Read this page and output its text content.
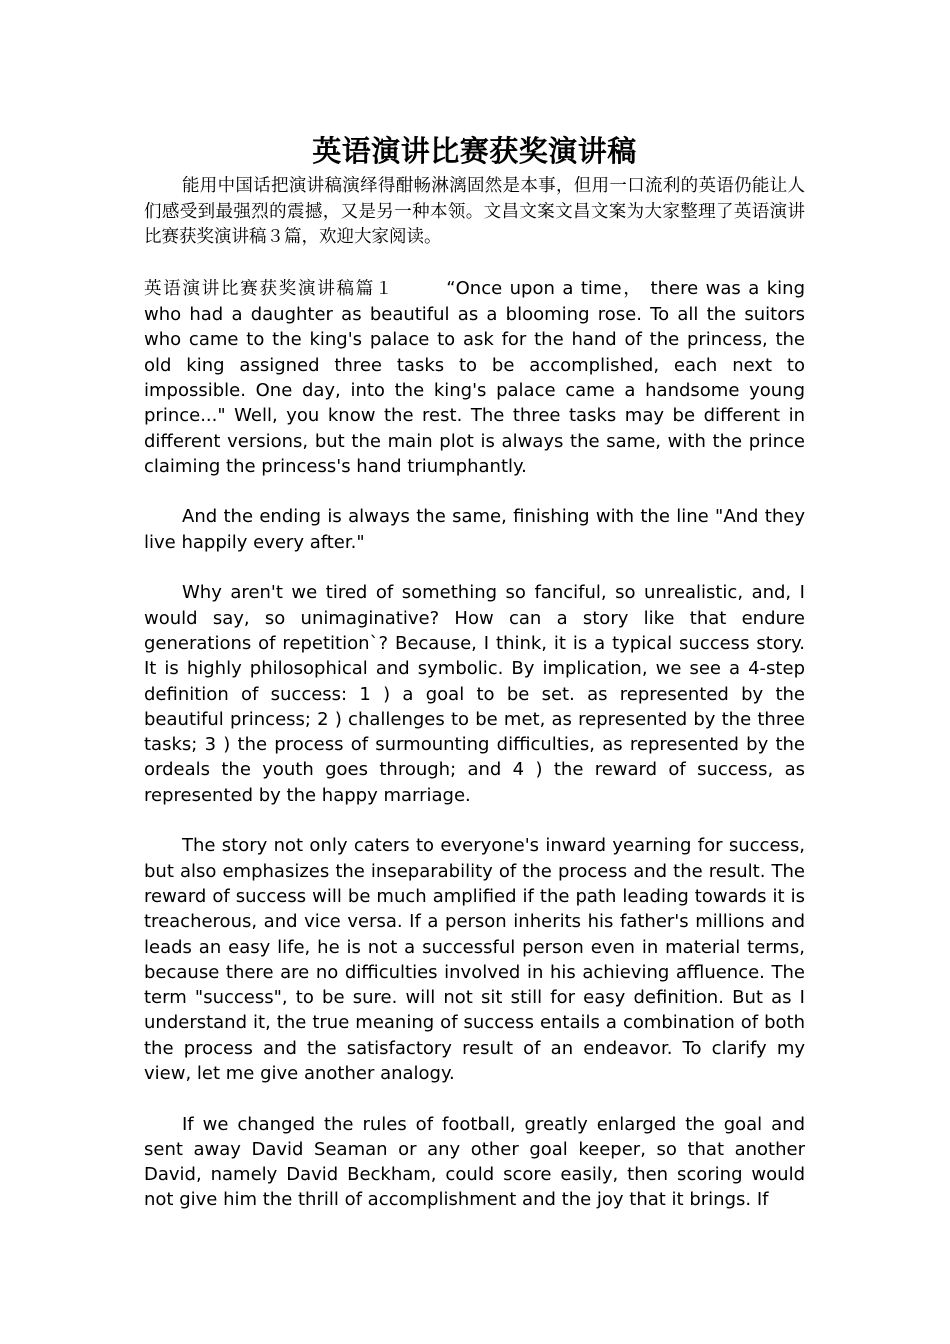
英语演讲比赛获奖演讲稿

能用中国话把演讲稿演绎得酣畅淋漓固然是本事，但用一口流利的英语仍能让人们感受到最强烈的震撼，又是另一种本领。文昌文案文昌文案为大家整理了英语演讲比赛获奖演讲稿３篇，欢迎大家阅读。

英语演讲比赛获奖演讲稿篇１	“Once upon a time， there was a king who had a daughter as beautiful as a blooming rose. To all the suitors who came to the king's palace to ask for the hand of the princess, the old king assigned three tasks to be accomplished, each next to impossible. One day, into the king's palace came a handsome young prince..." Well, you know the rest. The three tasks may be different in different versions, but the main plot is always the same, with the prince claiming the princess's hand triumphantly.

And the ending is always the same, finishing with the line "And they live happily every after."

Why aren't we tired of something so fanciful, so unrealistic, and, I would say, so unimaginative? How can a story like that endure generations of repetition`? Because, I think, it is a typical success story. It is highly philosophical and symbolic. By implication, we see a 4-step definition of success: 1 ) a goal to be set. as represented by the beautiful princess; 2 ) challenges to be met, as represented by the three tasks; 3 ) the process of surmounting difficulties, as represented by the ordeals the youth goes through; and 4 ) the reward of success, as represented by the happy marriage.

The story not only caters to everyone's inward yearning for success, but also emphasizes the inseparability of the process and the result. The reward of success will be much amplified if the path leading towards it is treacherous, and vice versa. If a person inherits his father's millions and leads an easy life, he is not a successful person even in material terms, because there are no difficulties involved in his achieving affluence. The term "success", to be sure. will not sit still for easy definition. But as I understand it, the true meaning of success entails a combination of both the process and the satisfactory result of an endeavor. To clarify my view, let me give another analogy.

If we changed the rules of football, greatly enlarged the goal and sent away David Seaman or any other goal keeper, so that another David, namely David Beckham, could score easily, then scoring would not give him the thrill of accomplishment and the joy that it brings. If
